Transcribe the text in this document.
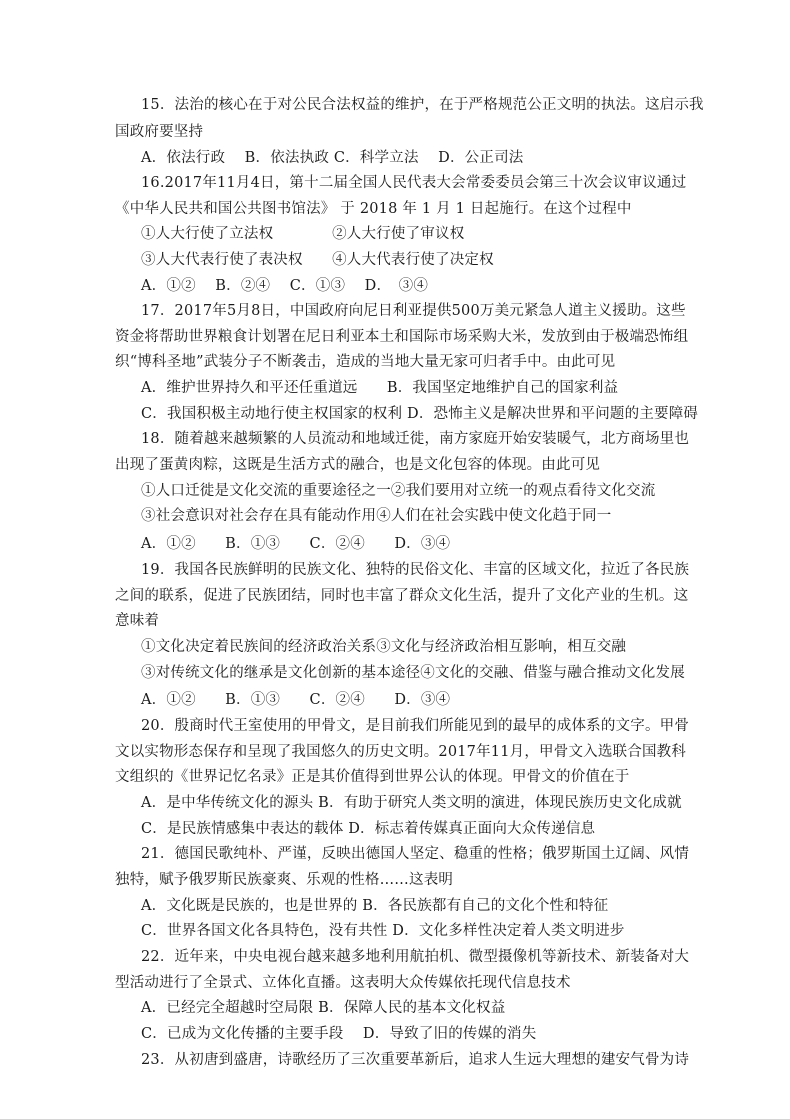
15．法治的核心在于对公民合法权益的维护，在于严格规范公正文明的执法。这启示我
国政府要坚持
A．依法行政　 B．依法执政 C．科学立法　 D．公正司法
16.2017年11月4日，第十二届全国人民代表大会常委委员会第三十次会议审议通过
《中华人民共和国公共图书馆法》 于 2018 年 1 月 1 日起施行。在这个过程中
①人大行使了立法权　　　　②人大行使了审议权
③人大代表行使了表决权　　④人大代表行使了决定权
A．①②　 B．②④　 C．①③　 D．　③④
17．2017年5月8日，中国政府向尼日利亚提供500万美元紧急人道主义援助。这些
资金将帮助世界粮食计划署在尼日利亚本土和国际市场采购大米，发放到由于极端恐怖组
织“博科圣地”武装分子不断袭击，造成的当地大量无家可归者手中。由此可见
A．维护世界持久和平还任重道远　　B．我国坚定地维护自己的国家利益
C．我国积极主动地行使主权国家的权利 D．恐怖主义是解决世界和平问题的主要障碍
18．随着越来越频繁的人员流动和地域迁徙，南方家庭开始安装暖气，北方商场里也
出现了蛋黄肉粽，这既是生活方式的融合，也是文化包容的体现。由此可见
①人口迁徙是文化交流的重要途径之一②我们要用对立统一的观点看待文化交流
③社会意识对社会存在具有能动作用④人们在社会实践中使文化趋于同一
A．①②　　B．①③　　C．②④　　D．③④
19．我国各民族鲜明的民族文化、独特的民俗文化、丰富的区域文化，拉近了各民族
之间的联系，促进了民族团结，同时也丰富了群众文化生活，提升了文化产业的生机。这
意味着
①文化决定着民族间的经济政治关系③文化与经济政治相互影响，相互交融
③对传统文化的继承是文化创新的基本途径④文化的交融、借鉴与融合推动文化发展
A．①②　　B．①③　　C．②④　　D．③④
20．殷商时代王室使用的甲骨文，是目前我们所能见到的最早的成体系的文字。甲骨
文以实物形态保存和呈现了我国悠久的历史文明。2017年11月，甲骨文入选联合国教科
文组织的《世界记忆名录》正是其价值得到世界公认的体现。甲骨文的价值在于
A．是中华传统文化的源头 B．有助于研究人类文明的演进，体现民族历史文化成就
C．是民族情感集中表达的载体 D．标志着传媒真正面向大众传递信息
21．德国民歌纯朴、严谨，反映出德国人坚定、稳重的性格；俄罗斯国土辽阔、风情
独特，赋予俄罗斯民族豪爽、乐观的性格……这表明
A．文化既是民族的，也是世界的 B．各民族都有自己的文化个性和特征
C．世界各国文化各具特色，没有共性 D．文化多样性决定着人类文明进步
22．近年来，中央电视台越来越多地利用航拍机、微型摄像机等新技术、新装备对大
型活动进行了全景式、立体化直播。这表明大众传媒依托现代信息技术
A．已经完全超越时空局限 B．保障人民的基本文化权益
C．已成为文化传播的主要手段　 D．导致了旧的传媒的消失
23．从初唐到盛唐，诗歌经历了三次重要革新后，追求人生远大理想的建安气骨为诗
